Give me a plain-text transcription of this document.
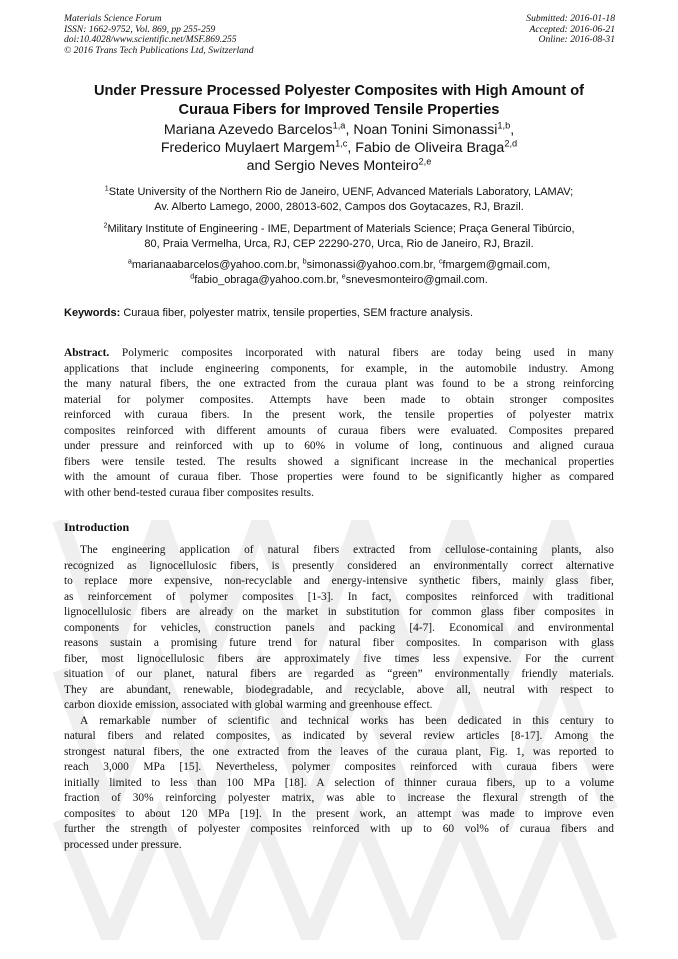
Materials Science Forum
ISSN: 1662-9752, Vol. 869, pp 255-259
doi:10.4028/www.scientific.net/MSF.869.255
© 2016 Trans Tech Publications Ltd, Switzerland
Submitted: 2016-01-18
Accepted: 2016-06-21
Online: 2016-08-31
Under Pressure Processed Polyester Composites with High Amount of
Curaua Fibers for Improved Tensile Properties
Mariana Azevedo Barcelos$^{1,a}$, Noan Tonini Simonassi$^{1,b}$,
Frederico Muylaert Margem$^{1,c}$, Fabio de Oliveira Braga$^{2,d}$
and Sergio Neves Monteiro$^{2,e}$
$^1$State University of the Northern Rio de Janeiro, UENF, Advanced Materials Laboratory, LAMAV;
Av. Alberto Lamego, 2000, 28013-602, Campos dos Goytacazes, RJ, Brazil.
$^2$Military Institute of Engineering - IME, Department of Materials Science; Praça General Tibúrcio,
80, Praia Vermelha, Urca, RJ, CEP 22290-270, Urca, Rio de Janeiro, RJ, Brazil.
$^a$marianaabarcelos@yahoo.com.br, $^b$simonassi@yahoo.com.br, $^c$fmargem@gmail.com,
$^d$fabio_obraga@yahoo.com.br, $^e$snevesmonteiro@gmail.com.
Keywords: Curaua fiber, polyester matrix, tensile properties, SEM fracture analysis.
Abstract. Polymeric composites incorporated with natural fibers are today being used in many
applications that include engineering components, for example, in the automobile industry. Among
the many natural fibers, the one extracted from the curaua plant was found to be a strong reinforcing
material for polymer composites. Attempts have been made to obtain stronger composites
reinforced with curaua fibers. In the present work, the tensile properties of polyester matrix
composites reinforced with different amounts of curaua fibers were evaluated. Composites prepared
under pressure and reinforced with up to 60% in volume of long, continuous and aligned curaua
fibers were tensile tested. The results showed a significant increase in the mechanical properties
with the amount of curaua fiber. Those properties were found to be significantly higher as compared
with other bend-tested curaua fiber composites results.
Introduction
The engineering application of natural fibers extracted from cellulose-containing plants, also
recognized as lignocellulosic fibers, is presently considered an environmentally correct alternative
to replace more expensive, non-recyclable and energy-intensive synthetic fibers, mainly glass fiber,
as reinforcement of polymer composites [1-3]. In fact, composites reinforced with traditional
lignocellulosic fibers are already on the market in substitution for common glass fiber composites in
components for vehicles, construction panels and packing [4-7]. Economical and environmental
reasons sustain a promising future trend for natural fiber composites. In comparison with glass
fiber, most lignocellulosic fibers are approximately five times less expensive. For the current
situation of our planet, natural fibers are regarded as “green” environmentally friendly materials.
They are abundant, renewable, biodegradable, and recyclable, above all, neutral with respect to
carbon dioxide emission, associated with global warming and greenhouse effect.
A remarkable number of scientific and technical works has been dedicated in this century to
natural fibers and related composites, as indicated by several review articles [8-17]. Among the
strongest natural fibers, the one extracted from the leaves of the curaua plant, Fig. 1, was reported to
reach 3,000 MPa [15]. Nevertheless, polymer composites reinforced with curaua fibers were
initially limited to less than 100 MPa [18]. A selection of thinner curaua fibers, up to a volume
fraction of 30% reinforcing polyester matrix, was able to increase the flexural strength of the
composites to about 120 MPa [19]. In the present work, an attempt was made to improve even
further the strength of polyester composites reinforced with up to 60 vol% of curaua fibers and
processed under pressure.
